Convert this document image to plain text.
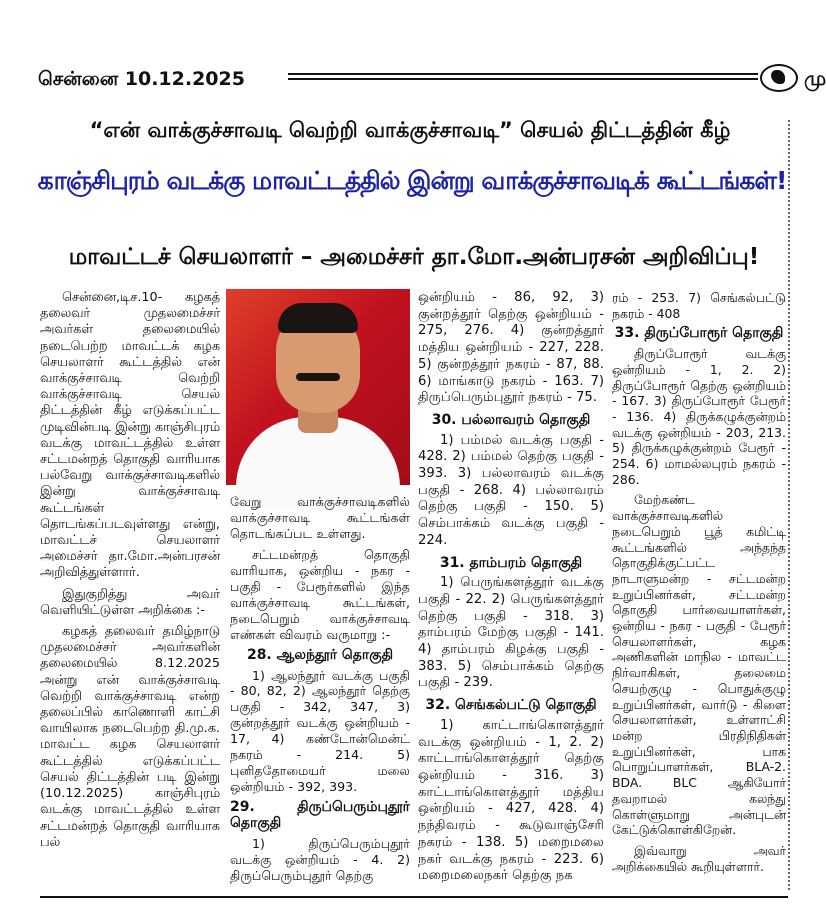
சென்னை 10.12.2025	மு
“என் வாக்குச்சாவடி வெற்றி வாக்குச்சாவடி” செயல் திட்டத்தின் கீழ்
காஞ்சிபுரம் வடக்கு மாவட்டத்தில் இன்று வாக்குச்சாவடிக் கூட்டங்கள்!
மாவட்டச் செயலாளர் – அமைச்சர் தா.மோ.அன்பரசன் அறிவிப்பு!

சென்னை,டிச.10- கழகத் தலைவர் முதலமைச்சர் அவர்கள் தலைமையில் நடைபெற்ற மாவட்டக் கழக செயலாளர் கூட்டத்தில் என் வாக்குச்சாவடி வெற்றி வாக்குச்சாவடி செயல் திட்டத்தின் கீழ் எடுக்கப்பட்ட முடிவின்படி இன்று காஞ்சிபுரம் வடக்கு மாவட்டத்தில் உள்ள சட்டமன்றத் தொகுதி வாரியாக பல்வேறு வாக்குச்சாவடிகளில் இன்று வாக்குச்சாவடி கூட்டங்கள் தொடங்கப்படவுள்ளது என்று, மாவட்டச் செயலாளர் அமைச்சர் தா.மோ.அன்பரசன் அறிவித்துள்ளார்.

இதுகுறித்து அவர் வெளியிட்டுள்ள அறிக்கை :-

கழகத் தலைவர் தமிழ்நாடு முதலமைச்சர் அவர்களின் தலைமையில் 8.12.2025 அன்று என் வாக்குச்சாவடி வெற்றி வாக்குச்சாவடி என்ற தலைப்பில் காணொளி காட்சி வாயிலாக நடைபெற்ற தி.மு.க. மாவட்ட கழக செயலாளர் கூட்டத்தில் எடுக்கப்பட்ட செயல் திட்டத்தின் படி இன்று (10.12.2025) காஞ்சிபுரம் வடக்கு மாவட்டத்தில் உள்ள சட்டமன்றத் தொகுதி வாரியாக பல்

வேறு வாக்குச்சாவடிகளில் வாக்குச்சாவடி கூட்டங்கள் தொடங்கப்பட உள்ளது.

சட்டமன்றத் தொகுதி வாரியாக, ஒன்றிய - நகர - பகுதி - பேரூர்களில் இந்த வாக்குச்சாவடி கூட்டங்கள், நடைபெறும் வாக்குச்சாவடி எண்கள் விவரம் வருமாறு :-

28. ஆலந்தூர் தொகுதி

1) ஆலந்தூர் வடக்கு பகுதி - 80, 82, 2) ஆலந்தூர் தெற்கு பகுதி - 342, 347, 3) குன்றத்தூர் வடக்கு ஒன்றியம் - 17, 4) கண்டோன்மென்ட் நகரம் - 214. 5) புனிததோமையர் மலை ஒன்றியம் - 392, 393.

29. திருப்பெரும்புதூர் தொகுதி

1) திருப்பெரும்புதூர் வடக்கு ஒன்றியம் - 4. 2) திருப்பெரும்புதூர் தெற்கு

ஒன்றியம் - 86, 92, 3) குன்றத்தூர் தெற்கு ஒன்றியம் - 275, 276. 4) குன்றத்தூர் மத்திய ஒன்றியம் - 227, 228. 5) குன்றத்தூர் நகரம் - 87, 88. 6) மாங்காடு நகரம் - 163. 7) திருப்பெரும்புதூர் நகரம் - 75.

30. பல்லாவரம் தொகுதி

1) பம்மல் வடக்கு பகுதி - 428. 2) பம்மல் தெற்கு பகுதி - 393. 3) பல்லாவரம் வடக்கு பகுதி - 268. 4) பல்லாவரம் தெற்கு பகுதி - 150. 5) செம்பாக்கம் வடக்கு பகுதி - 224.

31. தாம்பரம் தொகுதி

1) பெருங்களத்தூர் வடக்கு பகுதி - 22. 2) பெருங்களத்தூர் தெற்கு பகுதி - 318. 3) தாம்பரம் மேற்கு பகுதி - 141. 4) தாம்பரம் கிழக்கு பகுதி - 383. 5) செம்பாக்கம் தெற்கு பகுதி - 239.

32. செங்கல்பட்டு தொகுதி

1) காட்டாங்கொளத்தூர் வடக்கு ஒன்றியம் - 1, 2. 2) காட்டாங்கொளத்தூர் தெற்கு ஒன்றியம் - 316. 3) காட்டாங்கொளத்தூர் மத்திய ஒன்றியம் - 427, 428. 4) நந்திவரம் - கூடுவாஞ்சேரி நகரம் - 138. 5) மறைமலை நகர் வடக்கு நகரம் - 223. 6) மறைமலைநகர் தெற்கு நக

ரம் - 253. 7) செங்கல்பட்டு நகரம் - 408

33. திருப்போரூர் தொகுதி

திருப்போரூர் வடக்கு ஒன்றியம் - 1, 2. 2) திருப்போரூர் தெற்கு ஒன்றியம் - 167. 3) திருப்போரூர் பேரூர் - 136. 4) திருக்கழுக்குன்றம் வடக்கு ஒன்றியம் - 203, 213. 5) திருக்கழுக்குன்றம் பேரூர் - 254. 6) மாமல்லபுரம் நகரம் - 286.

மேற்கண்ட வாக்குச்சாவடிகளில் நடைபெறும் பூத் கமிட்டி கூட்டங்களில் அந்தந்த தொகுதிக்குட்பட்ட நாடாளுமன்ற - சட்டமன்ற உறுப்பினர்கள், சட்டமன்ற தொகுதி பார்வையாளர்கள், ஒன்றிய - நகர - பகுதி - பேரூர் செயலாளர்கள், கழக அணிகளின் மாநில - மாவட்ட நிர்வாகிகள், தலைமை செயற்குழு - பொதுக்குழு உறுப்பினர்கள், வார்டு - கிளை செயலாளர்கள், உள்ளாட்சி மன்ற பிரதிநிதிகள் உறுப்பினர்கள், பாக பொறுப்பாளர்கள், BLA-2. BDA. BLC ஆகியோர் தவறாமல் கலந்து கொள்ளுமாறு அன்புடன் கேட்டுக்கொள்கிறேன்.

இவ்வாறு அவர் அறிக்கையில் கூறியுள்ளார்.
